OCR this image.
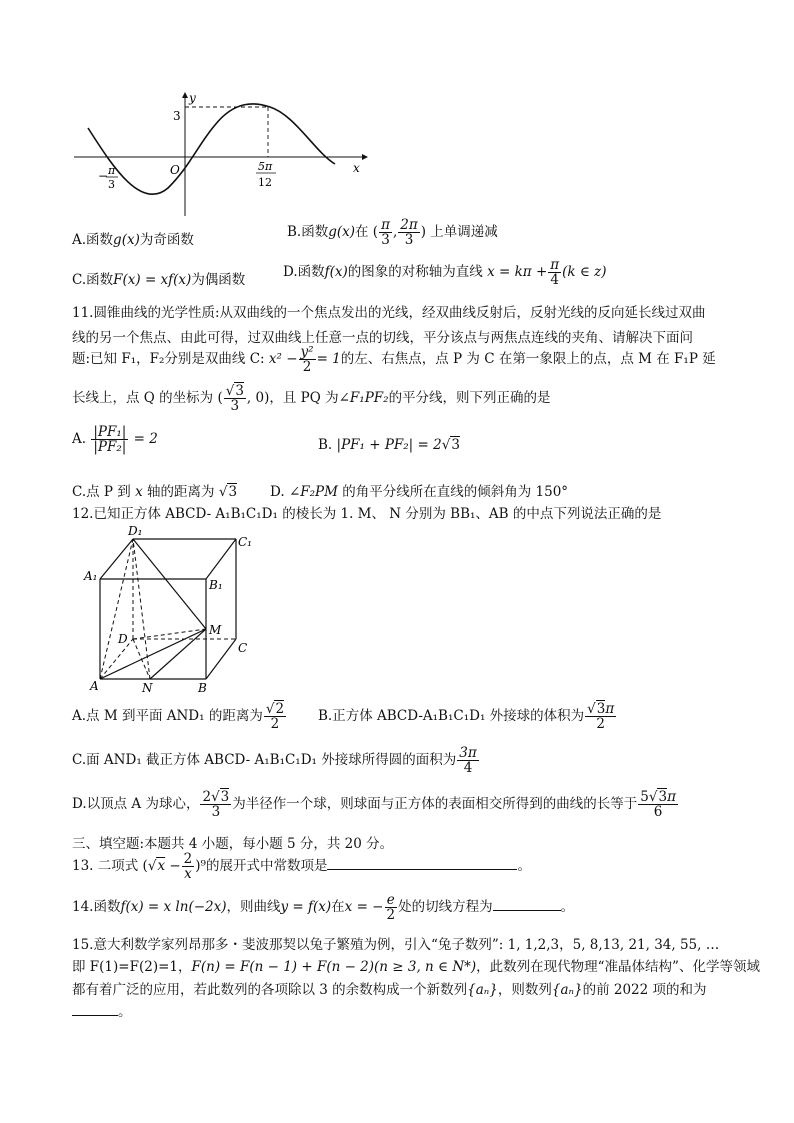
y
3
x
O
− π
3
5π
12
A.函数g(x)为奇函数	B.函数g(x)在 ( $\frac{\pi}{3}$ , $\frac{2\pi}{3}$ ) 上单调递减
C.函数F(x) = xf(x)为偶函数	D.函数f(x)的图象的对称轴为直线 $x = k\pi + \frac{\pi}{4} (k$ ∈ z)
11.圆锥曲线的光学性质:从双曲线的一个焦点发出的光线，经双曲线反射后，反射光线的反向延长线过双曲
线的另一个焦点、由此可得，过双曲线上任意一点的切线，平分该点与两焦点连线的夹角、请解决下面问
题:已知 F₁，F₂分别是双曲线 C: $x^2 - \frac{\text{y²}}{2} = 1$的左、右焦点，点 P 为 C 在第一象限上的点，点 M 在 F₁P 延
长线上，点 Q 的坐标为 ( $\frac{√3}{3}$ , 0)，且 PQ 为∠F₁PF₂的平分线，则下列正确的是
A. $\frac{\text{|PF₁|}}{\text{|PF₂|}} = 2$	B. |PF₁ + PF₂| = 2√3
C.点 P 到 x 轴的距离为 √3 D. ∠F₂PM 的角平分线所在直线的倾斜角为 150°
12.已知正方体 ABCD- A₁B₁C₁D₁ 的棱长为 1. M、 N 分别为 BB₁、AB 的中点下列说法正确的是
D₁
C₁
A₁
B₁
D
M
C
A	N	B
A.点 M 到平面 AND₁ 的距离为 $\frac{√2}{2} B$.正方体 ABCD-A₁B₁C₁D₁ 外接球的体积为 $\frac{√3\pi}{2}$
C.面 AND₁ 截正方体 ABCD- A₁B₁C₁D₁ 外接球所得圆的面积为 $\frac{3\pi}{4}$
D.以顶点 A 为球心， $\frac{2√3}{3}$ 为半径作一个球，则球面与正方体的表面相交所得到的曲线的长等于 $\frac{5√3\pi}{6}$
三、填空题:本题共 4 小题，每小题 5 分，共 20 分。
13. 二项式 $(√x - \frac{2}{x} )^9$的展开式中常数项是	。
14.函数f(x) = x ln(−2x)，则曲线y = f(x)在x = − $\frac{e}{2}$ 处的切线方程为	。
15.意大利数学家列昂那多・斐波那契以兔子繁殖为例，引入“兔子数列”: 1, 1,2,3，5, 8,13, 21, 34, 55, …
即 F(1)=F(2)=1，F(n) = F(n − 1) + F(n − 2)(n ≥ 3, n ∈ N*)，此数列在现代物理“准晶体结构”、化学等领域
都有着广泛的应用，若此数列的各项除以 3 的余数构成一个新数列{aₙ}，则数列{aₙ}的前 2022 项的和为
。
